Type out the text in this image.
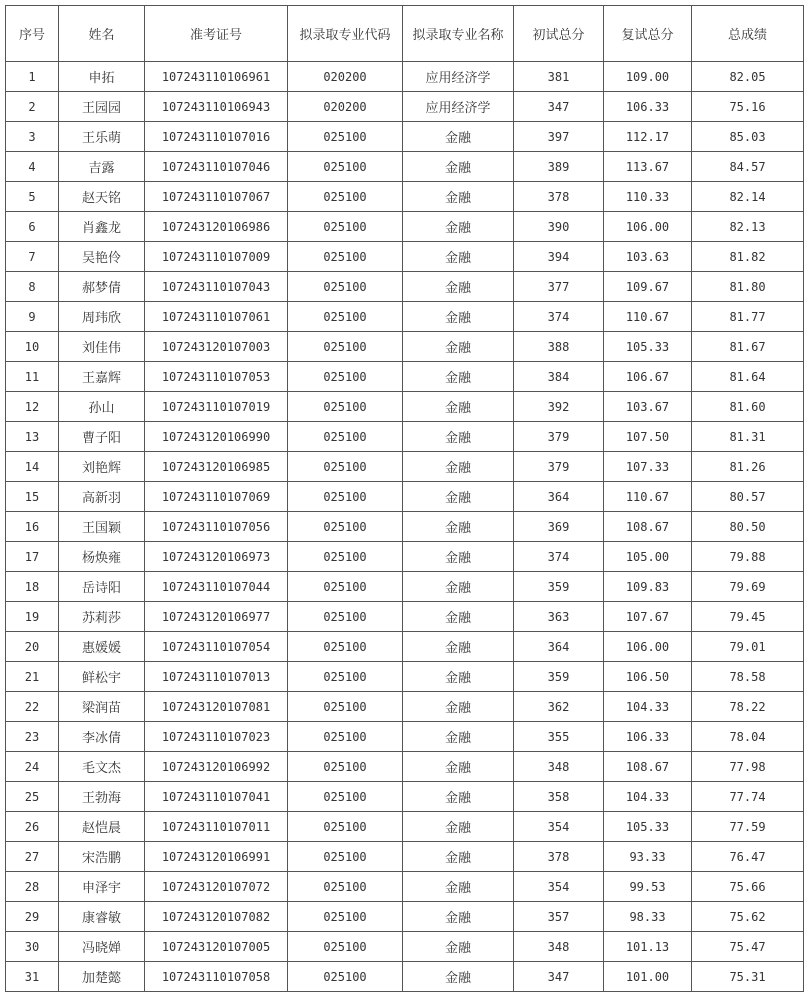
序号	姓名	准考证号	拟录取专业代码	拟录取专业名称	初试总分	复试总分	总成绩
1	申拓	107243110106961	020200	应用经济学	381	109.00	82.05
2	王园园	107243110106943	020200	应用经济学	347	106.33	75.16
3	王乐萌	107243110107016	025100	金融	397	112.17	85.03
4	吉露	107243110107046	025100	金融	389	113.67	84.57
5	赵天铭	107243110107067	025100	金融	378	110.33	82.14
6	肖鑫龙	107243120106986	025100	金融	390	106.00	82.13
7	吴艳伶	107243110107009	025100	金融	394	103.63	81.82
8	郝梦倩	107243110107043	025100	金融	377	109.67	81.80
9	周玮欣	107243110107061	025100	金融	374	110.67	81.77
10	刘佳伟	107243120107003	025100	金融	388	105.33	81.67
11	王嘉辉	107243110107053	025100	金融	384	106.67	81.64
12	孙山	107243110107019	025100	金融	392	103.67	81.60
13	曹子阳	107243120106990	025100	金融	379	107.50	81.31
14	刘艳辉	107243120106985	025100	金融	379	107.33	81.26
15	高新羽	107243110107069	025100	金融	364	110.67	80.57
16	王国颖	107243110107056	025100	金融	369	108.67	80.50
17	杨焕雍	107243120106973	025100	金融	374	105.00	79.88
18	岳诗阳	107243110107044	025100	金融	359	109.83	79.69
19	苏莉莎	107243120106977	025100	金融	363	107.67	79.45
20	惠媛媛	107243110107054	025100	金融	364	106.00	79.01
21	鲜松宇	107243110107013	025100	金融	359	106.50	78.58
22	梁润苗	107243120107081	025100	金融	362	104.33	78.22
23	李冰倩	107243110107023	025100	金融	355	106.33	78.04
24	毛文杰	107243120106992	025100	金融	348	108.67	77.98
25	王勃海	107243110107041	025100	金融	358	104.33	77.74
26	赵恺晨	107243110107011	025100	金融	354	105.33	77.59
27	宋浩鹏	107243120106991	025100	金融	378	93.33	76.47
28	申泽宇	107243120107072	025100	金融	354	99.53	75.66
29	康睿敏	107243120107082	025100	金融	357	98.33	75.62
30	冯晓婵	107243120107005	025100	金融	348	101.13	75.47
31	加楚懿	107243110107058	025100	金融	347	101.00	75.31
